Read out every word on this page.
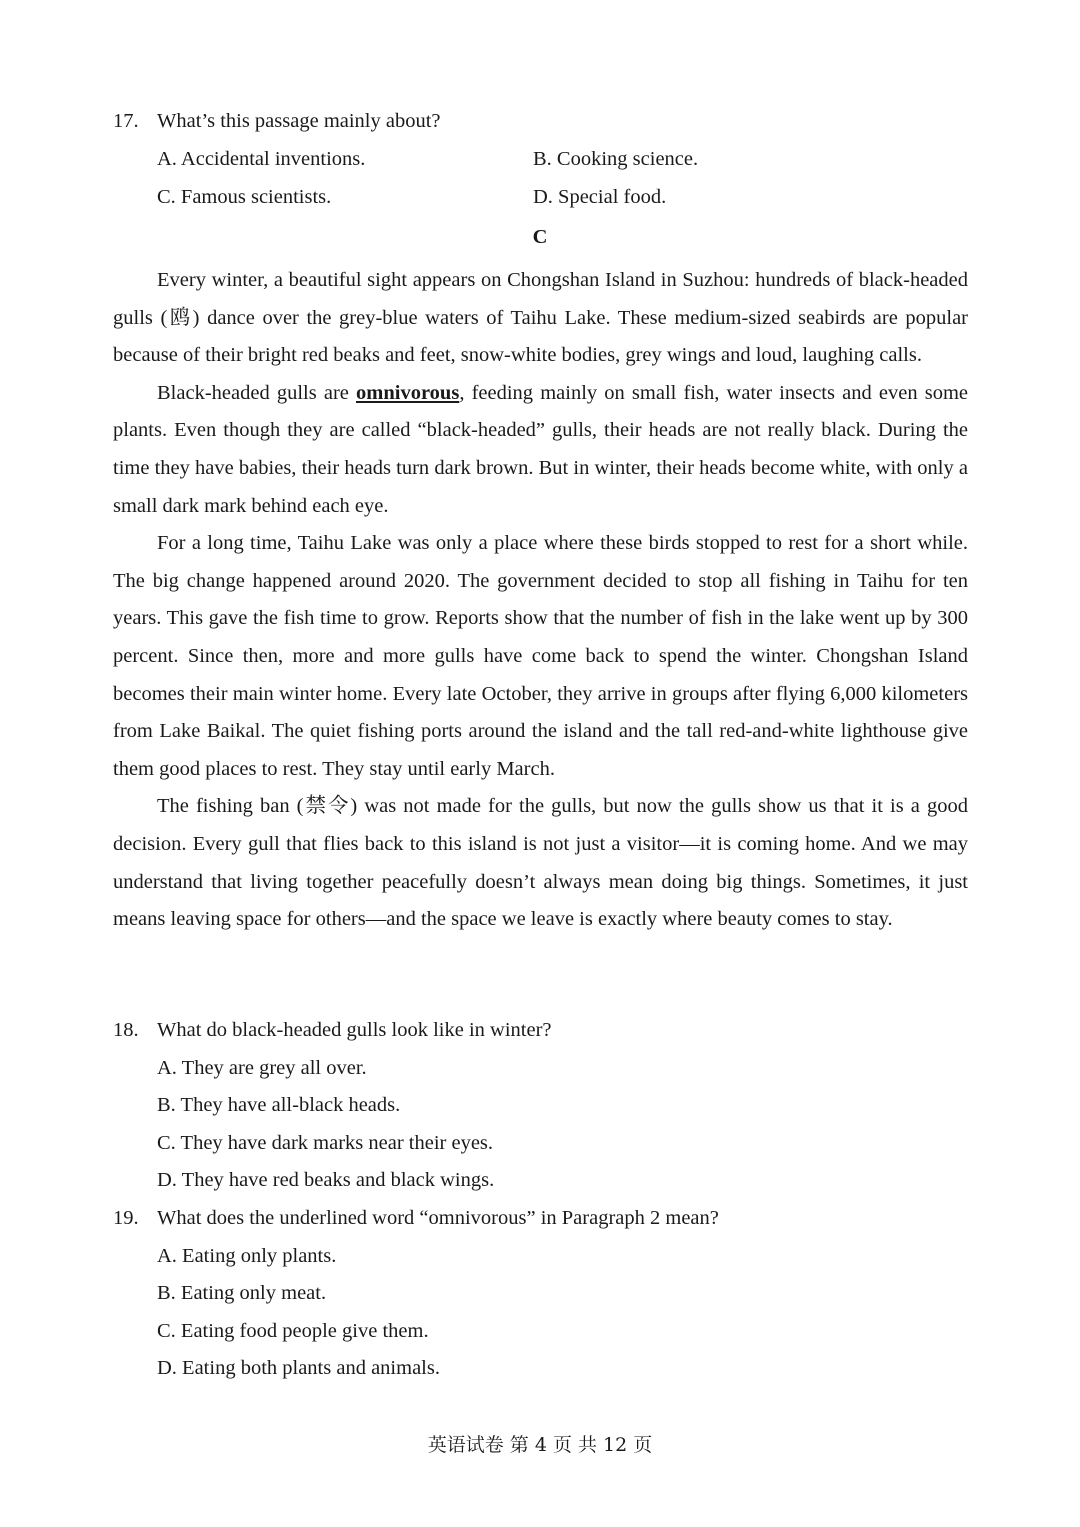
17. What’s this passage mainly about?
A. Accidental inventions.	B. Cooking science.
C. Famous scientists.	D. Special food.
C

Every winter, a beautiful sight appears on Chongshan Island in Suzhou: hundreds of black-headed gulls (鸥) dance over the grey-blue waters of Taihu Lake. These medium-sized seabirds are popular because of their bright red beaks and feet, snow-white bodies, grey wings and loud, laughing calls.

Black-headed gulls are omnivorous, feeding mainly on small fish, water insects and even some plants. Even though they are called “black-headed” gulls, their heads are not really black. During the time they have babies, their heads turn dark brown. But in winter, their heads become white, with only a small dark mark behind each eye.

For a long time, Taihu Lake was only a place where these birds stopped to rest for a short while. The big change happened around 2020. The government decided to stop all fishing in Taihu for ten years. This gave the fish time to grow. Reports show that the number of fish in the lake went up by 300 percent. Since then, more and more gulls have come back to spend the winter. Chongshan Island becomes their main winter home. Every late October, they arrive in groups after flying 6,000 kilometers from Lake Baikal. The quiet fishing ports around the island and the tall red-and-white lighthouse give them good places to rest. They stay until early March.

The fishing ban (禁令) was not made for the gulls, but now the gulls show us that it is a good decision. Every gull that flies back to this island is not just a visitor—it is coming home. And we may understand that living together peacefully doesn’t always mean doing big things. Sometimes, it just means leaving space for others—and the space we leave is exactly where beauty comes to stay.

18. What do black-headed gulls look like in winter?
A. They are grey all over.
B. They have all-black heads.
C. They have dark marks near their eyes.
D. They have red beaks and black wings.
19. What does the underlined word “omnivorous” in Paragraph 2 mean?
A. Eating only plants.
B. Eating only meat.
C. Eating food people give them.
D. Eating both plants and animals.
英语试卷 第 4 页 共 12 页
